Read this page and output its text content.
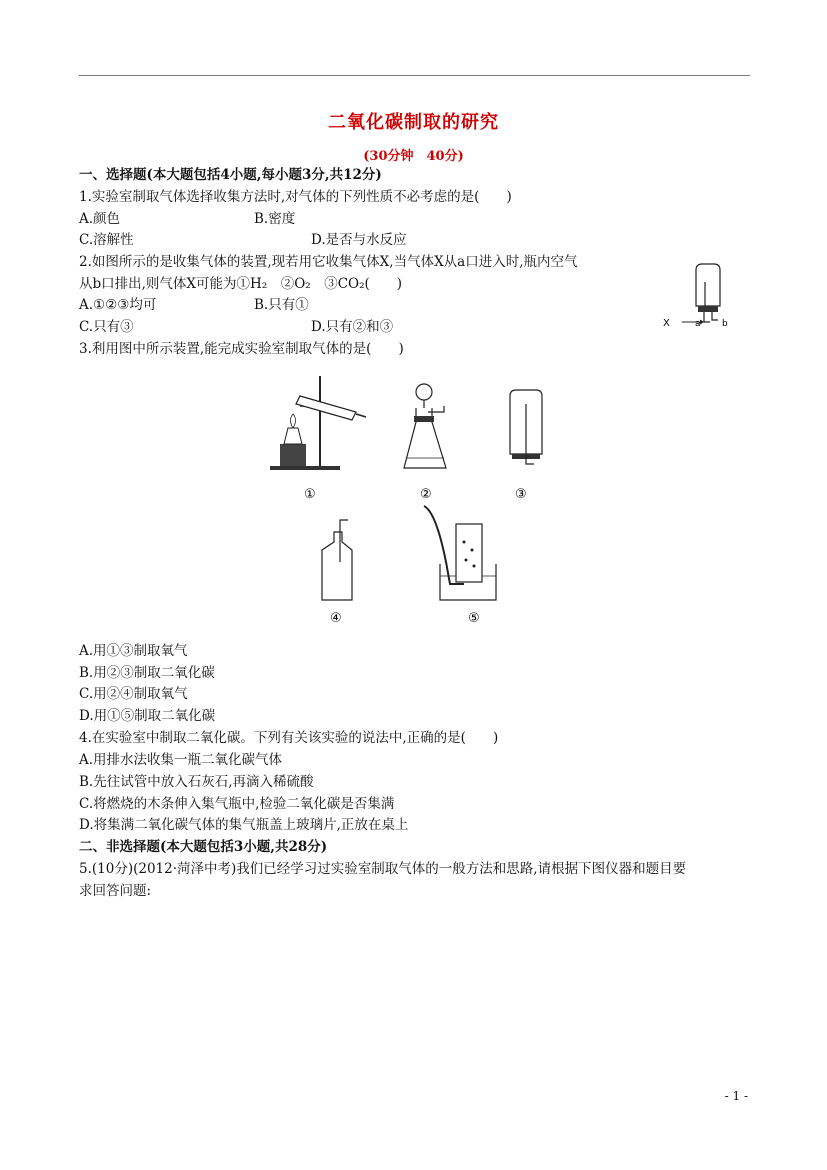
二氧化碳制取的研究
(30分钟　40分)
一、选择题(本大题包括4小题,每小题3分,共12分)
1.实验室制取气体选择收集方法时,对气体的下列性质不必考虑的是(　　)
A.颜色	B.密度
C.溶解性	D.是否与水反应
2.如图所示的是收集气体的装置,现若用它收集气体X,当气体X从a口进入时,瓶内空气
从b口排出,则气体X可能为①H₂　②O₂　③CO₂(　　)
A.①②③均可	B.只有①
C.只有③	D.只有②和③	X	a b
3.利用图中所示装置,能完成实验室制取气体的是(　　)
①	②	③
④	⑤
A.用①③制取氧气
B.用②③制取二氧化碳
C.用②④制取氧气
D.用①⑤制取二氧化碳
4.在实验室中制取二氧化碳。下列有关该实验的说法中,正确的是(　　)
A.用排水法收集一瓶二氧化碳气体
B.先往试管中放入石灰石,再滴入稀硫酸
C.将燃烧的木条伸入集气瓶中,检验二氧化碳是否集满
D.将集满二氧化碳气体的集气瓶盖上玻璃片,正放在桌上
二、非选择题(本大题包括3小题,共28分)
5.(10分)(2012·菏泽中考)我们已经学习过实验室制取气体的一般方法和思路,请根据下图仪器和题目要
求回答问题:
- 1 -
